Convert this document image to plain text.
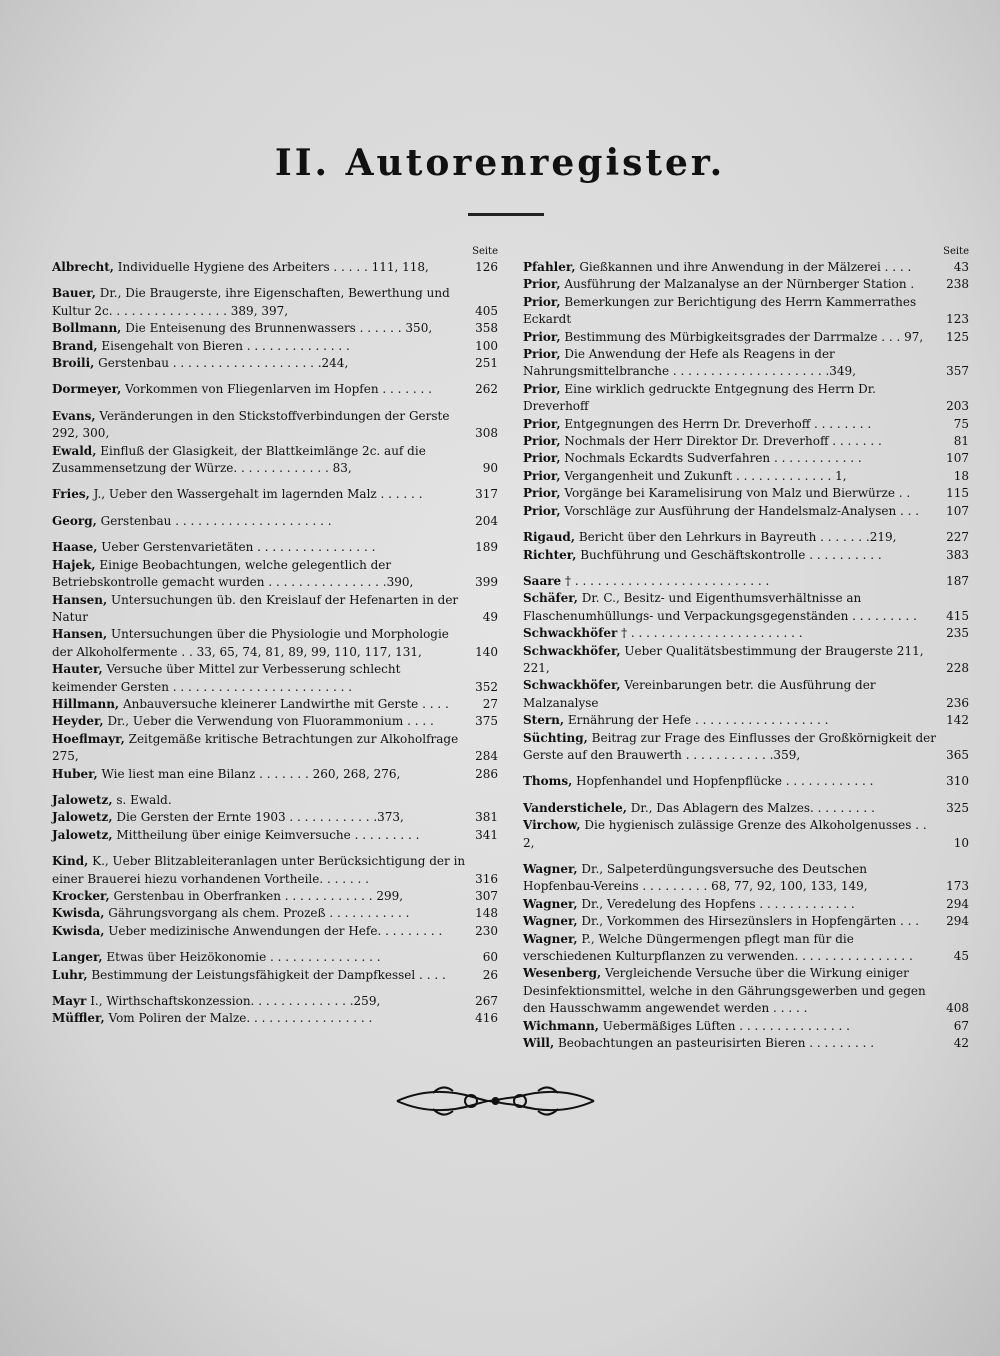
II. Autorenregister.
Seite
Albrecht, Individuelle Hygiene des Arbeiters . . . . . 111, 118,	126
Bauer, Dr., Die Braugerste, ihre Eigenschaften, Bewerthung und Kultur 2c. . . . . . . . . . . . . . . . 389, 397,	405
Bollmann, Die Enteisenung des Brunnenwassers . . . . . . 350,	358
Brand, Eisengehalt von Bieren . . . . . . . . . . . . . .	100
Broili, Gerstenbau . . . . . . . . . . . . . . . . . . . .244,	251
Dormeyer, Vorkommen von Fliegenlarven im Hopfen . . . . . . .	262
Evans, Veränderungen in den Stickstoffverbindungen der Gerste 292, 300,	308
Ewald, Einfluß der Glasigkeit, der Blattkeimlänge 2c. auf die Zusammensetzung der Würze. . . . . . . . . . . . . 83,	90
Fries, J., Ueber den Wassergehalt im lagernden Malz . . . . . .	317
Georg, Gerstenbau . . . . . . . . . . . . . . . . . . . . .	204
Haase, Ueber Gerstenvarietäten . . . . . . . . . . . . . . . .	189
Hajek, Einige Beobachtungen, welche gelegentlich der Betriebskontrolle gemacht wurden . . . . . . . . . . . . . . . .390,	399
Hansen, Untersuchungen üb. den Kreislauf der Hefenarten in der Natur	49
Hansen, Untersuchungen über die Physiologie und Morphologie der Alkoholfermente . . 33, 65, 74, 81, 89, 99, 110, 117, 131,	140
Hauter, Versuche über Mittel zur Verbesserung schlecht keimender Gersten . . . . . . . . . . . . . . . . . . . . . . . .	352
Hillmann, Anbauversuche kleinerer Landwirthe mit Gerste . . . .	27
Heyder, Dr., Ueber die Verwendung von Fluorammonium . . . .	375
Hoeflmayr, Zeitgemäße kritische Betrachtungen zur Alkoholfrage 275,	284
Huber, Wie liest man eine Bilanz . . . . . . . 260, 268, 276,	286
Jalowetz, s. Ewald.
Jalowetz, Die Gersten der Ernte 1903 . . . . . . . . . . . .373,	381
Jalowetz, Mittheilung über einige Keimversuche . . . . . . . . .	341
Kind, K., Ueber Blitzableiteranlagen unter Berücksichtigung der in einer Brauerei hiezu vorhandenen Vortheile. . . . . . .	316
Krocker, Gerstenbau in Oberfranken . . . . . . . . . . . . 299,	307
Kwisda, Gährungsvorgang als chem. Prozeß . . . . . . . . . . .	148
Kwisda, Ueber medizinische Anwendungen der Hefe. . . . . . . . .	230
Langer, Etwas über Heizökonomie . . . . . . . . . . . . . . .	60
Luhr, Bestimmung der Leistungsfähigkeit der Dampfkessel . . . .	26
Mayr I., Wirthschaftskonzession. . . . . . . . . . . . . .259,	267
Müffler, Vom Poliren der Malze. . . . . . . . . . . . . . . . .	416
Seite
Pfahler, Gießkannen und ihre Anwendung in der Mälzerei . . . .	43
Prior, Ausführung der Malzanalyse an der Nürnberger Station .	238
Prior, Bemerkungen zur Berichtigung des Herrn Kammerrathes Eckardt	123
Prior, Bestimmung des Mürbigkeitsgrades der Darrmalze . . . 97,	125
Prior, Die Anwendung der Hefe als Reagens in der Nahrungsmittelbranche . . . . . . . . . . . . . . . . . . . . .349,	357
Prior, Eine wirklich gedruckte Entgegnung des Herrn Dr. Dreverhoff	203
Prior, Entgegnungen des Herrn Dr. Dreverhoff . . . . . . . .	75
Prior, Nochmals der Herr Direktor Dr. Dreverhoff . . . . . . .	81
Prior, Nochmals Eckardts Sudverfahren . . . . . . . . . . . .	107
Prior, Vergangenheit und Zukunft . . . . . . . . . . . . . 1,	18
Prior, Vorgänge bei Karamelisirung von Malz und Bierwürze . .	115
Prior, Vorschläge zur Ausführung der Handelsmalz-Analysen . . .	107
Rigaud, Bericht über den Lehrkurs in Bayreuth . . . . . . .219,	227
Richter, Buchführung und Geschäftskontrolle . . . . . . . . . .	383
Saare † . . . . . . . . . . . . . . . . . . . . . . . . . .	187
Schäfer, Dr. C., Besitz- und Eigenthumsverhältnisse an Flaschenumhüllungs- und Verpackungsgegenständen . . . . . . . . .	415
Schwackhöfer † . . . . . . . . . . . . . . . . . . . . . . .	235
Schwackhöfer, Ueber Qualitätsbestimmung der Braugerste 211, 221,	228
Schwackhöfer, Vereinbarungen betr. die Ausführung der Malzanalyse	236
Stern, Ernährung der Hefe . . . . . . . . . . . . . . . . . .	142
Süchting, Beitrag zur Frage des Einflusses der Großkörnigkeit der Gerste auf den Brauwerth . . . . . . . . . . . .359,	365
Thoms, Hopfenhandel und Hopfenpflücke . . . . . . . . . . . .	310
Vanderstichele, Dr., Das Ablagern des Malzes. . . . . . . . .	325
Virchow, Die hygienisch zulässige Grenze des Alkoholgenusses . . 2,	10
Wagner, Dr., Salpeterdüngungsversuche des Deutschen Hopfenbau-Vereins . . . . . . . . . 68, 77, 92, 100, 133, 149,	173
Wagner, Dr., Veredelung des Hopfens . . . . . . . . . . . . .	294
Wagner, Dr., Vorkommen des Hirsezünslers in Hopfengärten . . .	294
Wagner, P., Welche Düngermengen pflegt man für die verschiedenen Kulturpflanzen zu verwenden. . . . . . . . . . . . . . . .	45
Wesenberg, Vergleichende Versuche über die Wirkung einiger Desinfektionsmittel, welche in den Gährungsgewerben und gegen den Hausschwamm angewendet werden . . . . .	408
Wichmann, Uebermäßiges Lüften . . . . . . . . . . . . . . .	67
Will, Beobachtungen an pasteurisirten Bieren . . . . . . . . .	42
